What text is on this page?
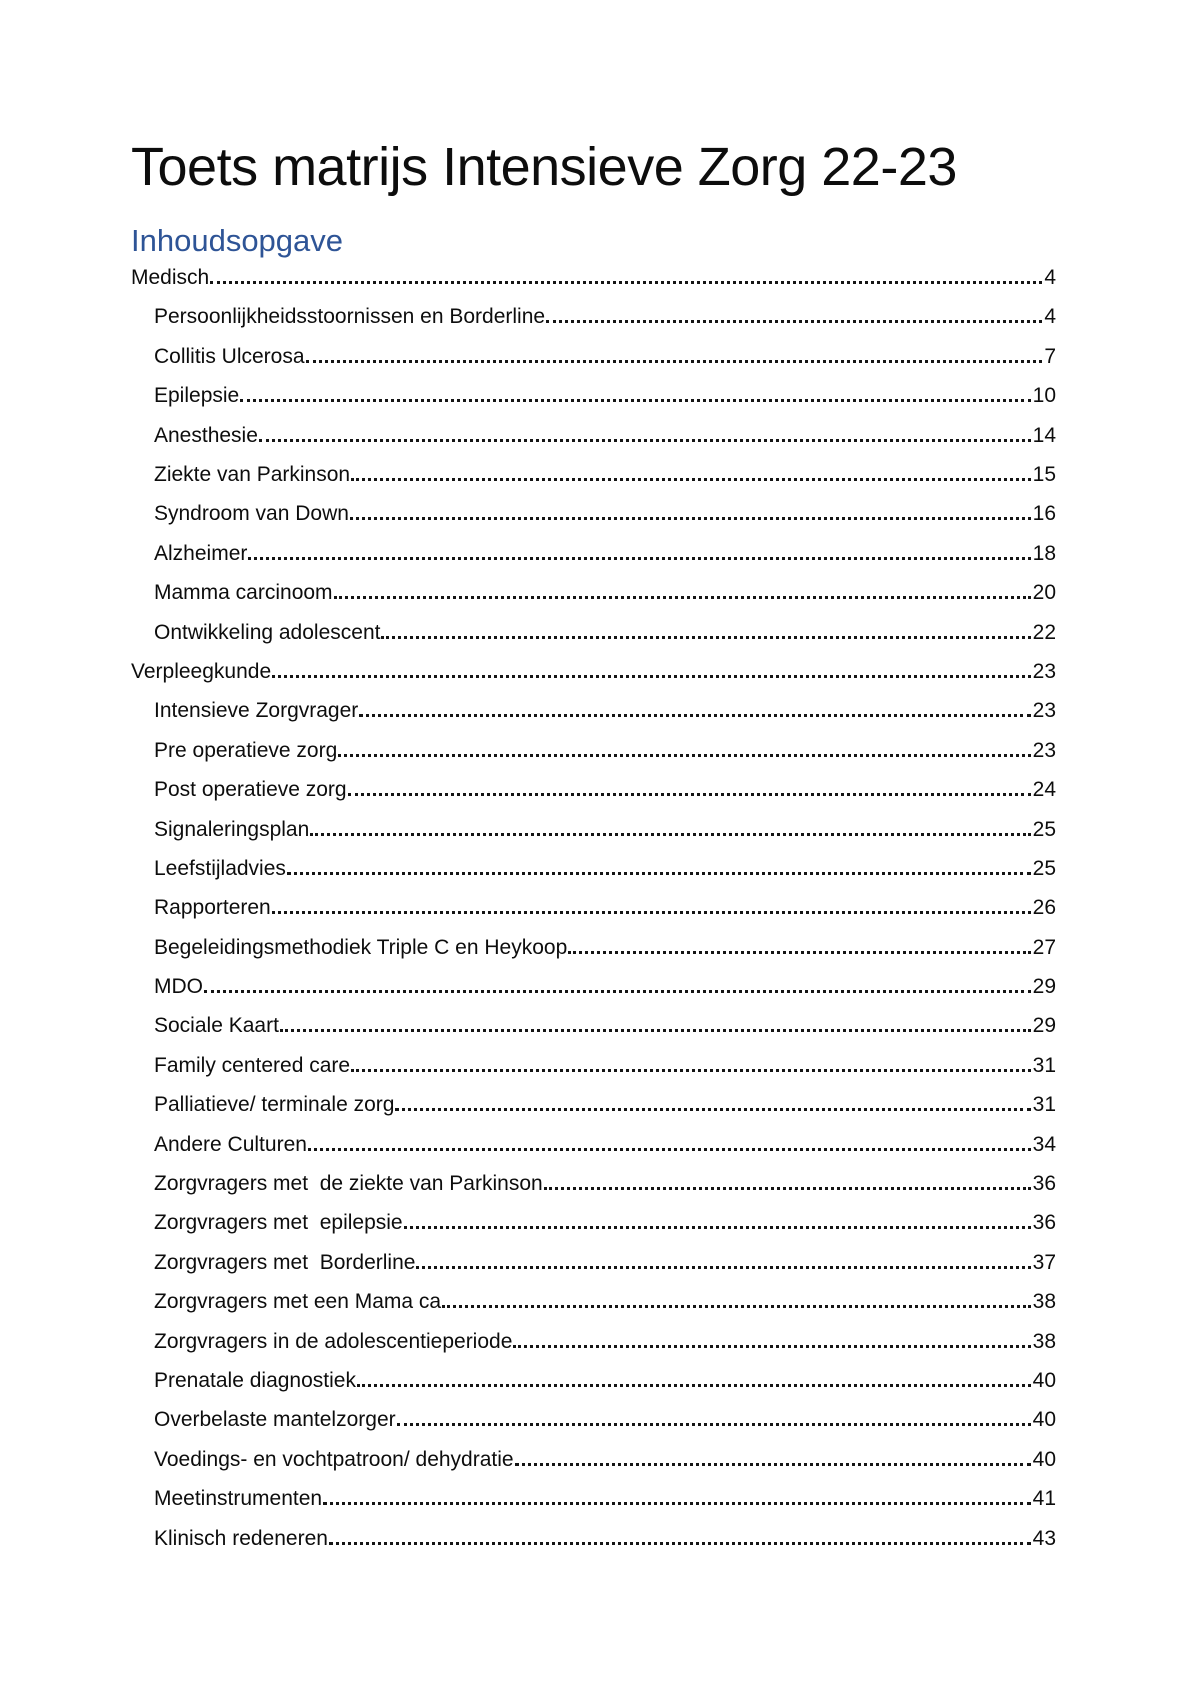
Toets matrijs Intensieve Zorg 22-23
Inhoudsopgave
Medisch	4
Persoonlijkheidsstoornissen en Borderline	4
Collitis Ulcerosa	7
Epilepsie	10
Anesthesie	14
Ziekte van Parkinson	15
Syndroom van Down	16
Alzheimer	18
Mamma carcinoom	20
Ontwikkeling adolescent	22
Verpleegkunde	23
Intensieve Zorgvrager	23
Pre operatieve zorg	23
Post operatieve zorg	24
Signaleringsplan	25
Leefstijladvies	25
Rapporteren	26
Begeleidingsmethodiek Triple C en Heykoop	27
MDO	29
Sociale Kaart	29
Family centered care	31
Palliatieve/ terminale zorg	31
Andere Culturen	34
Zorgvragers met  de ziekte van Parkinson	36
Zorgvragers met  epilepsie	36
Zorgvragers met  Borderline	37
Zorgvragers met een Mama ca	38
Zorgvragers in de adolescentieperiode	38
Prenatale diagnostiek	40
Overbelaste mantelzorger	40
Voedings- en vochtpatroon/ dehydratie	40
Meetinstrumenten	41
Klinisch redeneren	43
